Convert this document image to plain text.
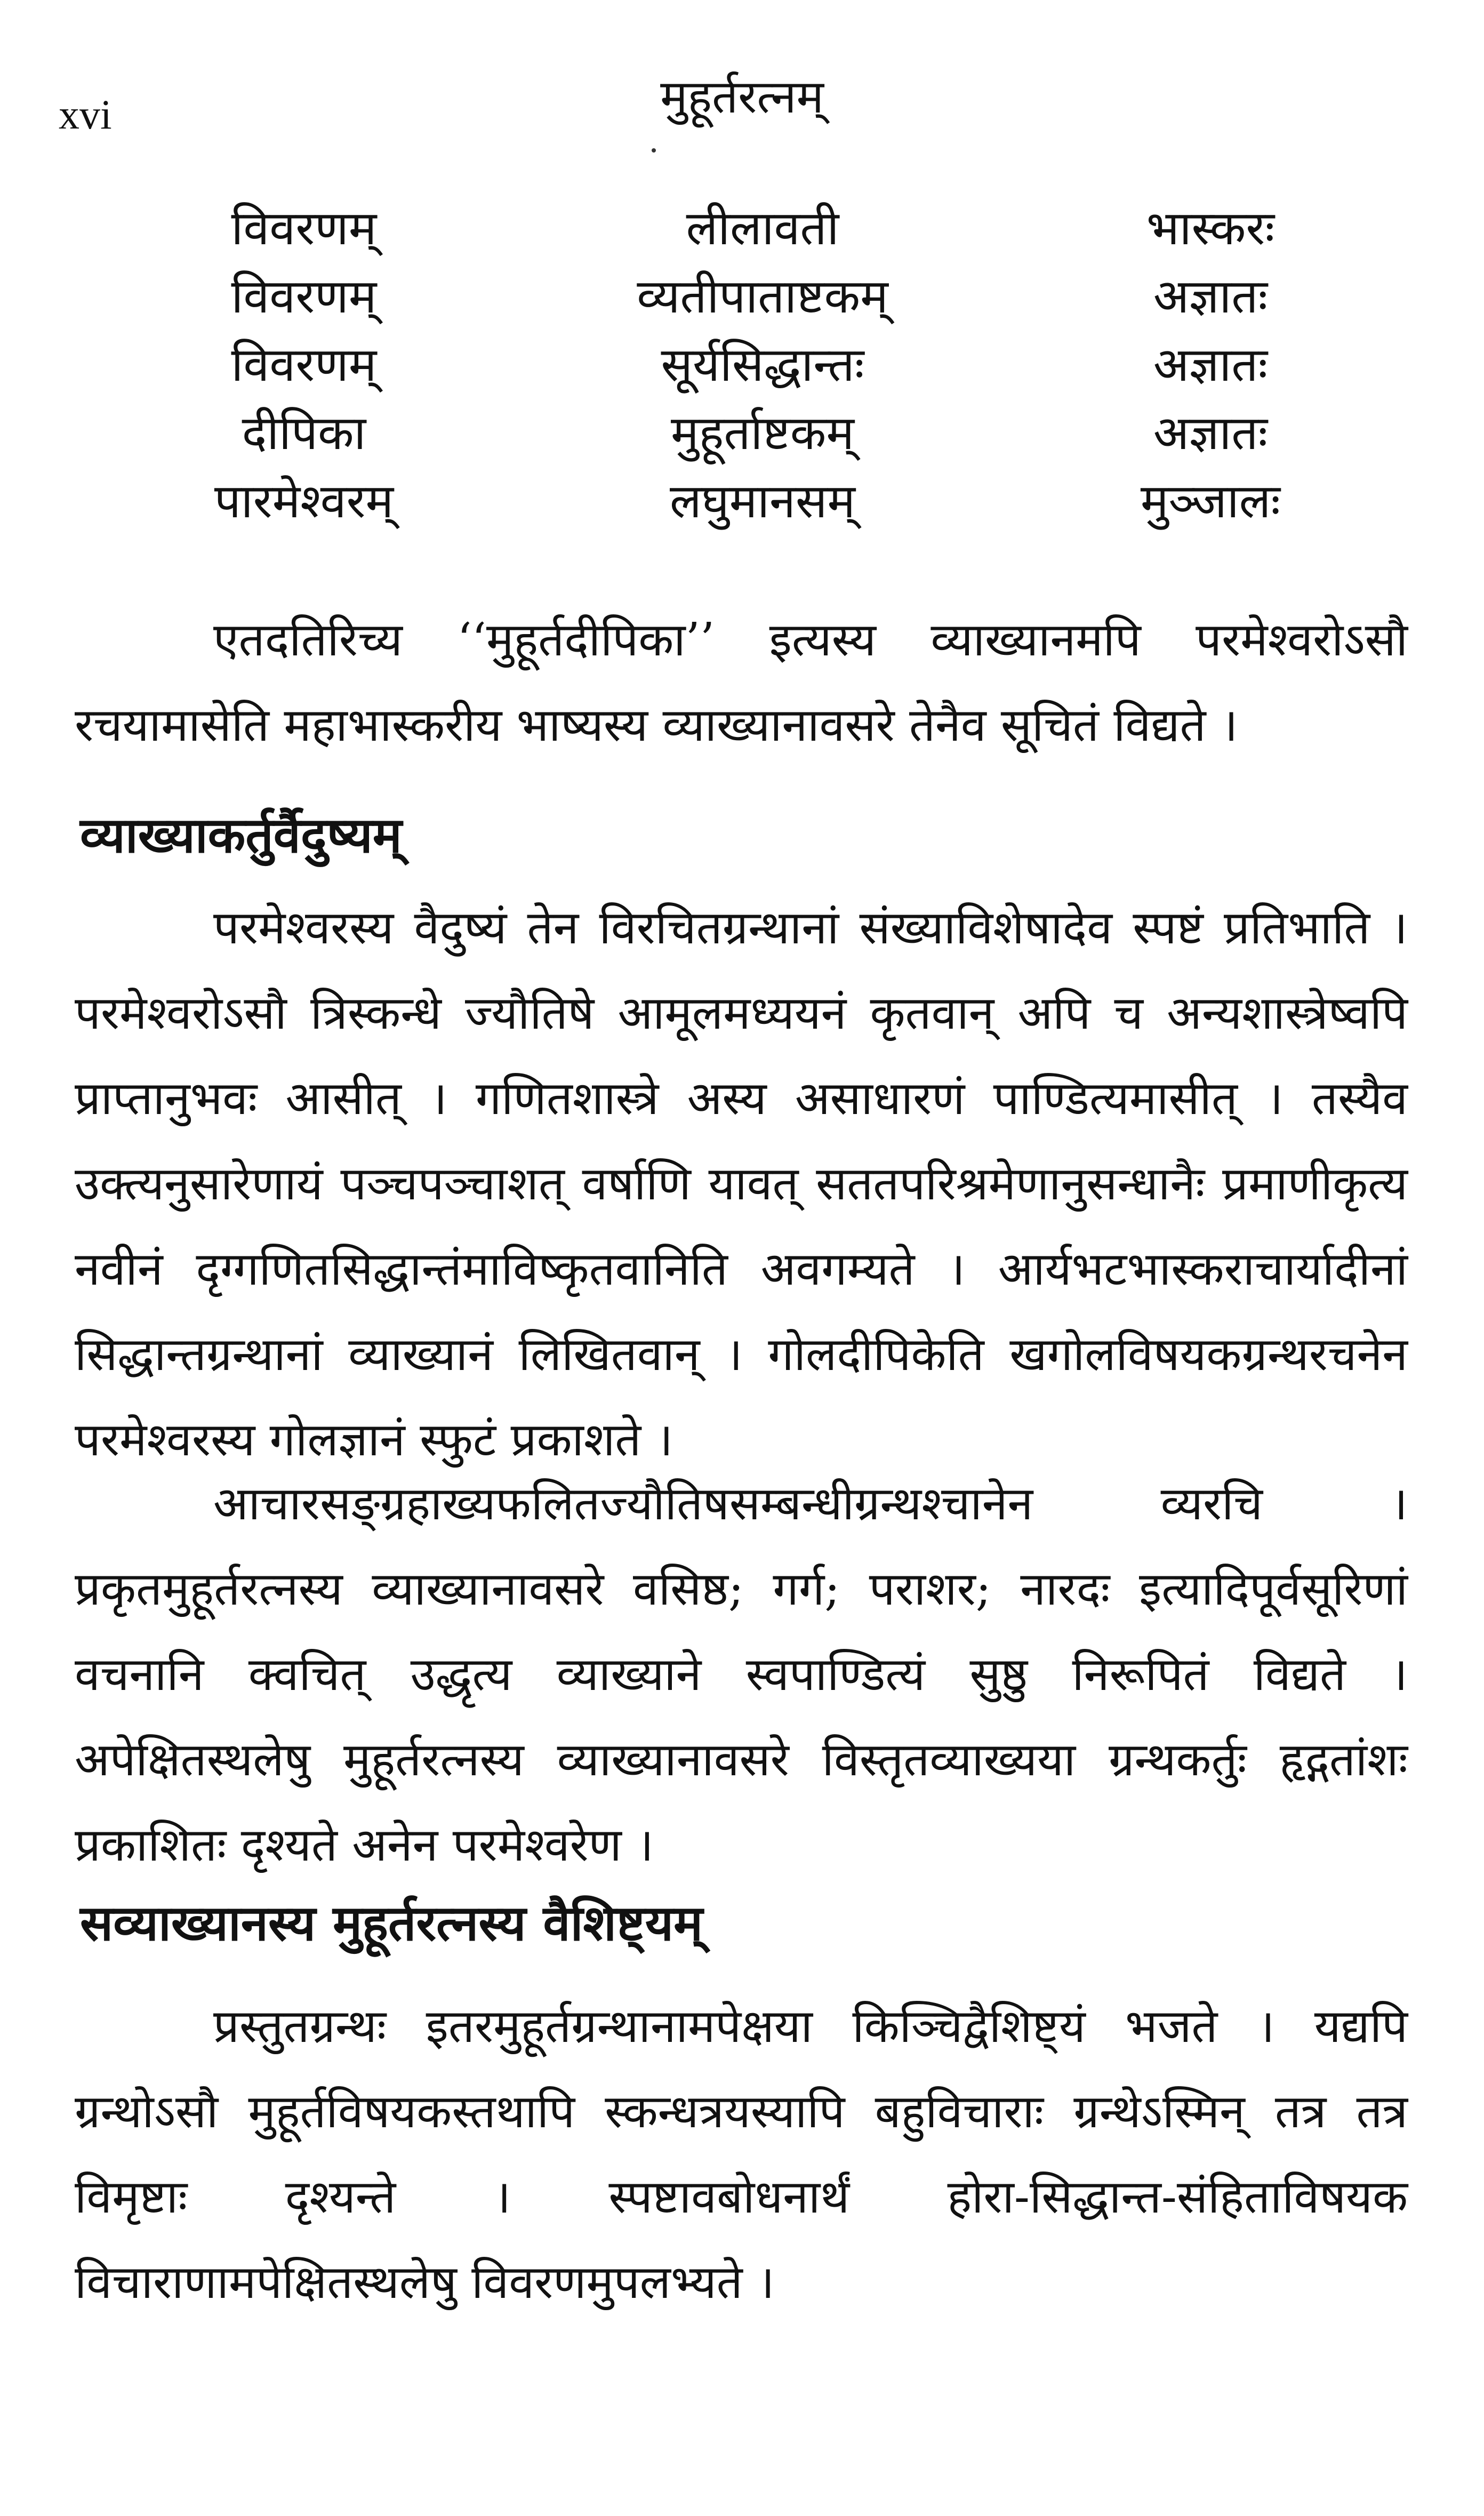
xvi	मुहूर्तरत्नम्
विवरणम्	लीलावती	भास्करः
विवरणम्	व्यतीपाताष्टकम्	अज्ञातः
विवरणम्	सूर्यसिद्धान्तः	अज्ञातः
दीपिका	मुहूर्ताष्टकम्	अज्ञातः
पारमेश्वरम्	लघुमानसम्	मुञ्जालः

एतदतिरिच्य ‘‘मुहूर्तदीपिका’’ इत्यस्य व्याख्यानमपि परमेश्वरोऽसौ रचयामासेति महाभास्करीय भाष्यस्य व्याख्यानावसरे तेनैव सूचितं विद्यते ।

व्याख्याकर्तुर्वैदुष्यम्

परमेश्वरस्य वैदुष्यं तेन विरचितग्रन्थानां संख्याविशेषादेव स्पष्टं प्रतिभाति । परमेश्वरोऽसौ त्रिस्कन्धे ज्यौतिषे आमूलमध्ययनं कृतवान् अपि च अन्यशास्त्रेष्वपि प्राप्तानुभवः आसीत् । गणितशास्त्रे अस्य असाधारणं पाण्डित्यमासीत् । तस्यैव उक्त्यनुसारेणायं पञ्चपञ्चाशत् वर्षाणि यावत् सततपरिश्रमेणानुसन्धानैः प्रमाणीकृत्य नवीनं दृग्गणितसिद्धान्तंमाविष्कृतवानिति अवगम्यते । आर्यभटभास्कराचार्यादीनां सिद्धान्तग्रन्थानां व्याख्यानं लिखितवान् । गोलदीपिकेति खगोलविषयकग्रन्थरचनेन परमेश्वरस्य गोलज्ञानं स्फुटं प्रकाशते ।

आचारसङ्ग्रहाख्यफलितज्यौतिषसम्बन्धीग्रन्थश्चानेन व्यरचि । प्रकृतमुहूर्तरत्नस्य व्याख्यानावसरे वसिष्ठ; गर्ग; पराशर; नारदः इत्यादिपूर्वसूरिणां वचनानि क्वचित् उद्धृत्य व्याख्याने स्वपाण्डित्यं सुष्ठु निरूपितं विद्यते । अपेक्षितस्थलेषु मुहूर्तरत्नस्य व्याख्यानावसरे विस्तृतव्याख्यया ग्रन्थकर्तुः हृद्गतांशः प्रकाशितः दृश्यते अनेन परमेश्वरेण ।

सव्याख्यानस्य मुहूर्तरत्नस्य वैशिष्ट्यम्

प्रस्तुतग्रन्थः इतरमुहूर्तग्रन्थानामपेक्षया किञ्चिद्वैशिष्ट्यं भजते । यद्यपि ग्रन्थोऽसौ मुहूर्तविषयकस्तथापि स्कन्धत्रयस्यापि बहुविचाराः ग्रन्थेऽस्मिन् तत्र तत्र विमृष्टाः दृश्यन्ते । स्पष्टावबोधनार्थं होरा-सिद्धान्त-संहिताविषयक विचाराणामपेक्षितस्थलेषु विवरणमुपलभ्यते ।
